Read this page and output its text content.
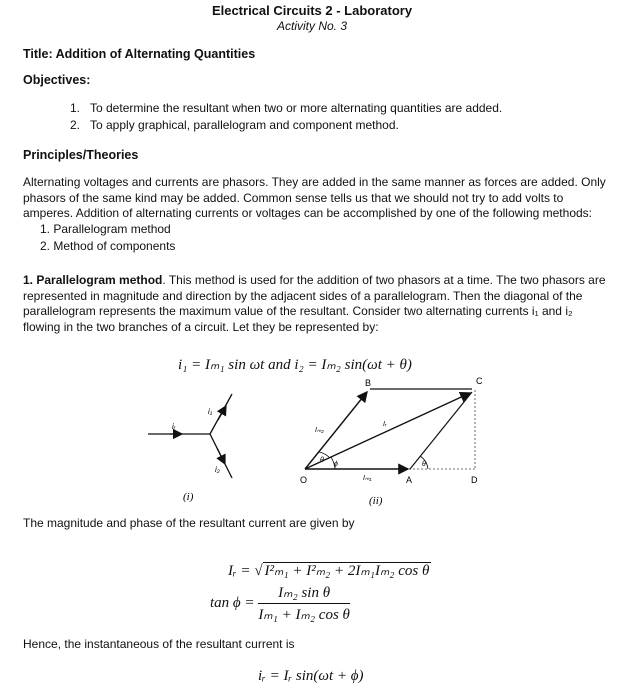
Electrical Circuits 2 - Laboratory
Activity No. 3
Title: Addition of Alternating Quantities
Objectives:
1. To determine the resultant when two or more alternating quantities are added.
2. To apply graphical, parallelogram and component method.
Principles/Theories
Alternating voltages and currents are phasors. They are added in the same manner as forces are added. Only phasors of the same kind may be added. Common sense tells us that we should not try to add volts to amperes. Addition of alternating currents or voltages can be accomplished by one of the following methods:
1. Parallelogram method
2. Method of components
1. Parallelogram method. This method is used for the addition of two phasors at a time. The two phasors are represented in magnitude and direction by the adjacent sides of a parallelogram. Then the diagonal of the parallelogram represents the maximum value of the resultant. Consider two alternating currents i₁ and i₂ flowing in the two branches of a circuit. Let they be represented by:
i₁ = Iₘ₁ sin ωt and i₂ = Iₘ₂ sin(ωt + θ)
iᵣ
i₁
i₂
B	C
O	A	D
Iₘ₂
Iᵣ
Iₘ₁
θ
ϕ	θ
(i)	(ii)
The magnitude and phase of the resultant current are given by
Iᵣ = √ I²ₘ₁ + I²ₘ₂ + 2Iₘ₁Iₘ₂ cos θ
$\tan \phi = \frac{\text{Iₘ₂ sin θ}}{\text{Iₘ₁ + Iₘ₂ cos θ}}$
Hence, the instantaneous of the resultant current is
iᵣ = Iᵣ sin(ωt + ϕ)
